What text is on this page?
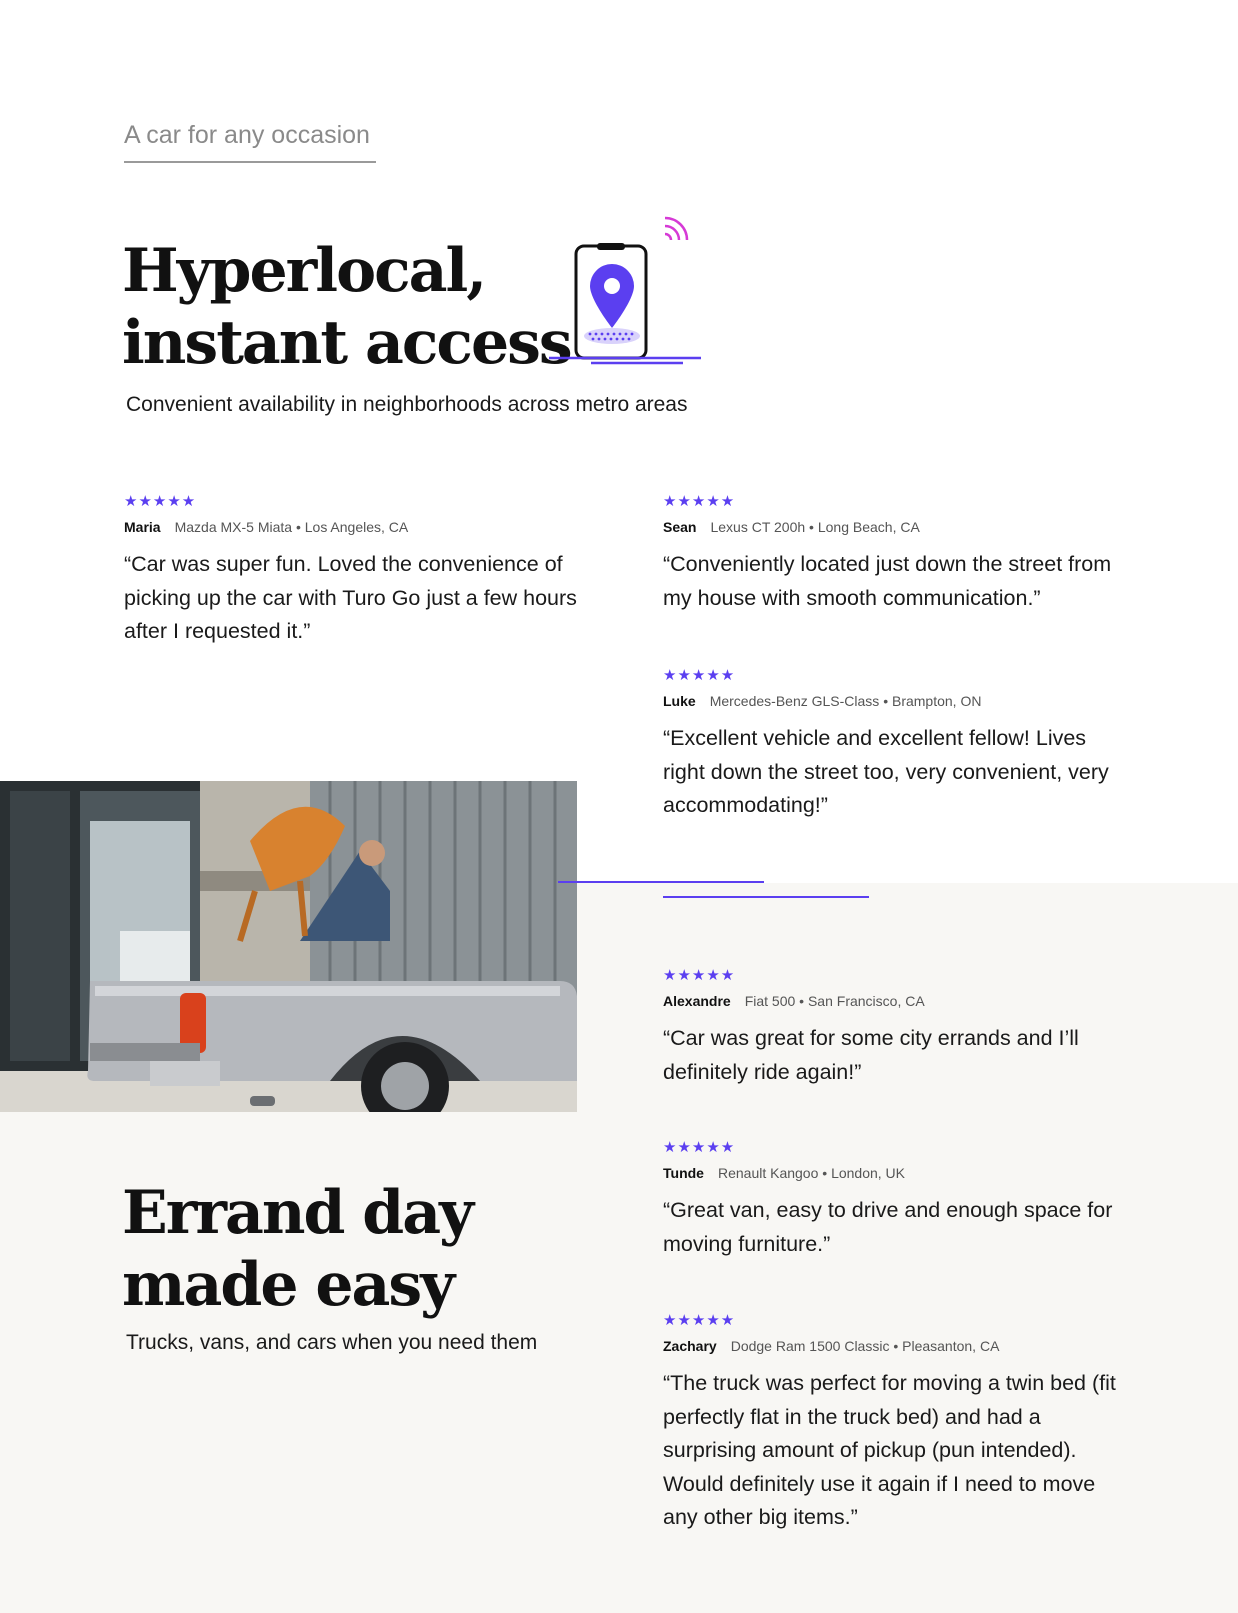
A car for any occasion
Hyperlocal,
instant access
Convenient availability in neighborhoods across metro areas
★★★★★
Maria Mazda MX-5 Miata • Los Angeles, CA

“Car was super fun. Loved the convenience of picking up the car with Turo Go just a few hours after I requested it.”

★★★★★
Sean Lexus CT 200h • Long Beach, CA

“Conveniently located just down the street from my house with smooth communication.”

★★★★★
Luke Mercedes-Benz GLS-Class • Brampton, ON

“Excellent vehicle and excellent fellow! Lives right down the street too, very convenient, very accommodating!”

★★★★★
Alexandre Fiat 500 • San Francisco, CA

“Car was great for some city errands and I’ll definitely ride again!”

★★★★★
Tunde Renault Kangoo • London, UK

“Great van, easy to drive and enough space for moving furniture.”

★★★★★
Zachary Dodge Ram 1500 Classic • Pleasanton, CA

“The truck was perfect for moving a twin bed (fit perfectly flat in the truck bed) and had a surprising amount of pickup (pun intended). Would definitely use it again if I need to move any other big items.”

Errand day
made easy
Trucks, vans, and cars when you need them
